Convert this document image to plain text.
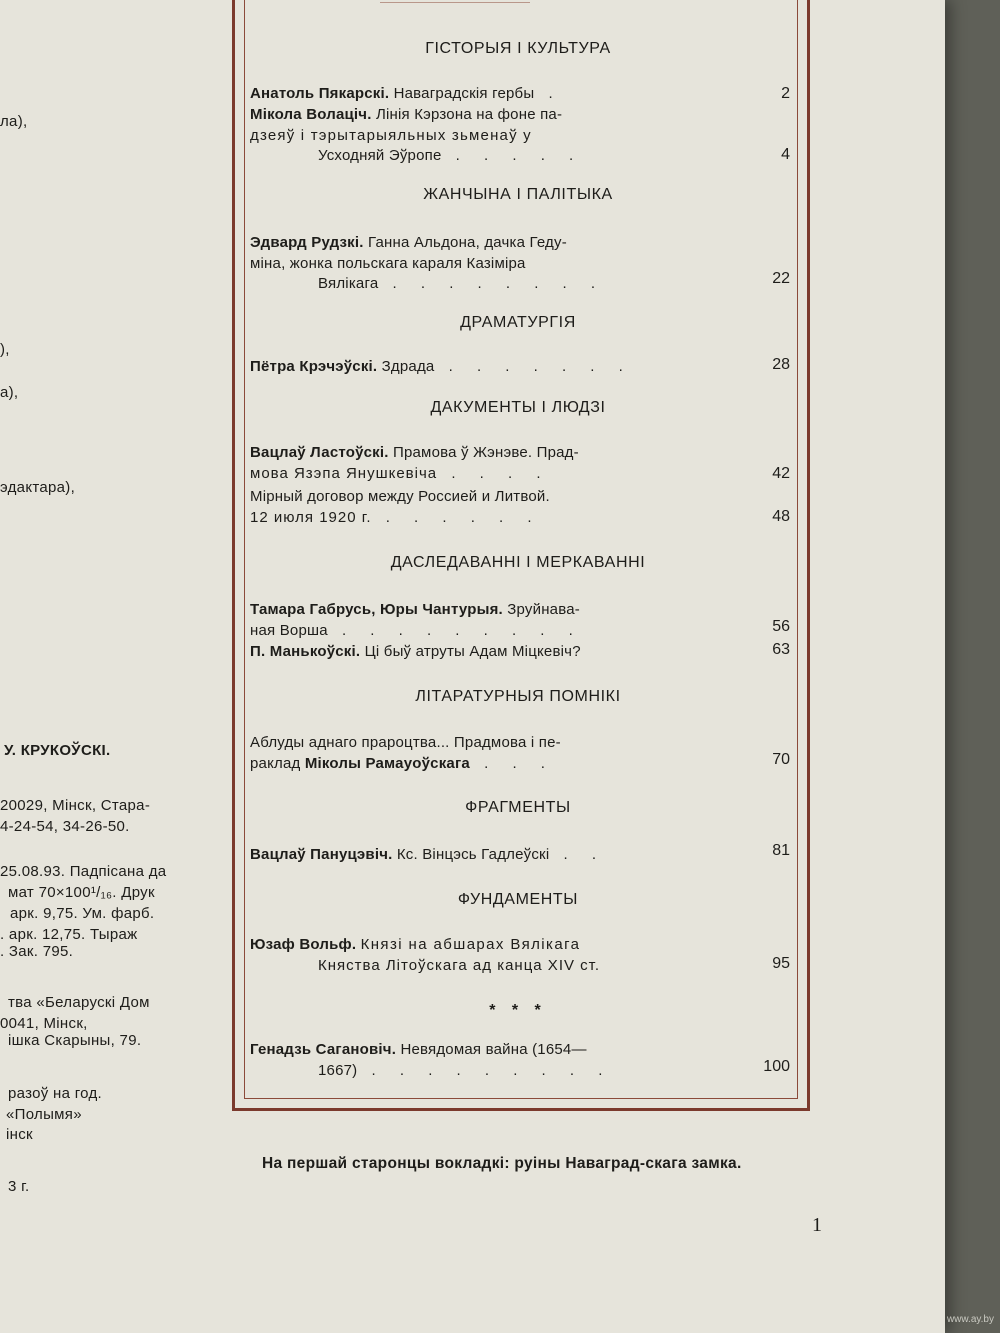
ла),
),
а),
эдактара),
У. КРУКОЎСКІ.
20029, Мінск, Стара-
4-24-54, 34-26-50.
25.08.93. Падпісана да
мат 70×100¹/₁₆. Друк
арк. 9,75. Ум. фарб.
. арк. 12,75. Тыраж
. Зак. 795.
тва «Беларускі Дом
0041, Мінск,
ішка Скарыны, 79.
разоў на год.
«Полымя»
інск
3 г.
ГІСТОРЫЯ І КУЛЬТУРА
Анатоль Пякарскі.
Наваградскія гербы .	2
Мікола Волацiч.
Лінія Кэрзона на фоне па-
дзеяў і тэрытарыяльных зьменаў у
Усходняй Эўропе . . . . .	4
ЖАНЧЫНА І ПАЛІТЫКА
Эдвард Рудзкі.
Ганна Альдона, дачка Гедy-
міна, жонка польскага караля Казіміра
Вялікага . . . . . . . .	22
ДРАМАТУРГІЯ
Пётра Крэчэўскі.
Здрада . . . . . . .	28
ДАКУМЕНТЫ І ЛЮДЗІ
Вацлаў Ластоўскі.
Прамова ў Жэнэве. Прад-
мова Язэпа Янушкевіча . . . .	42
Мірный договор между Россией и Литвой.
12 июля 1920 г. . . . . . .	48
ДАСЛЕДАВАННІ І МЕРКАВАННІ
Тамара Габрусь, Юры Чантурыя.
Зруйнава-
ная Ворша . . . . . . . . .	56
П. Манькоўскі.
Ці быў атруты Адам Міцкевіч?	63
ЛІТАРАТУРНЫЯ ПОМНІКІ
Аблуды аднаго прароцтва... Прадмова і пе-
раклад
Міколы Рамаyоўскага . . .	70
ФРАГМЕНТЫ
Вацлаў Пануцэвіч.
Кс. Вінцэсь Гадлеўскі . .	81
ФУНДАМЕНТЫ
Юзаф Вольф.
Князі на абшарах Вялікага
Княства Літоўскага ад канца XIV ст.	95
* * *
Генадзь Сагановіч.
Невядомая вайна (1654—
1667) . . . . . . . . .	100
На першай старонцы вокладкі: руіны Наваград-скага замка.
1
www.ay.by
